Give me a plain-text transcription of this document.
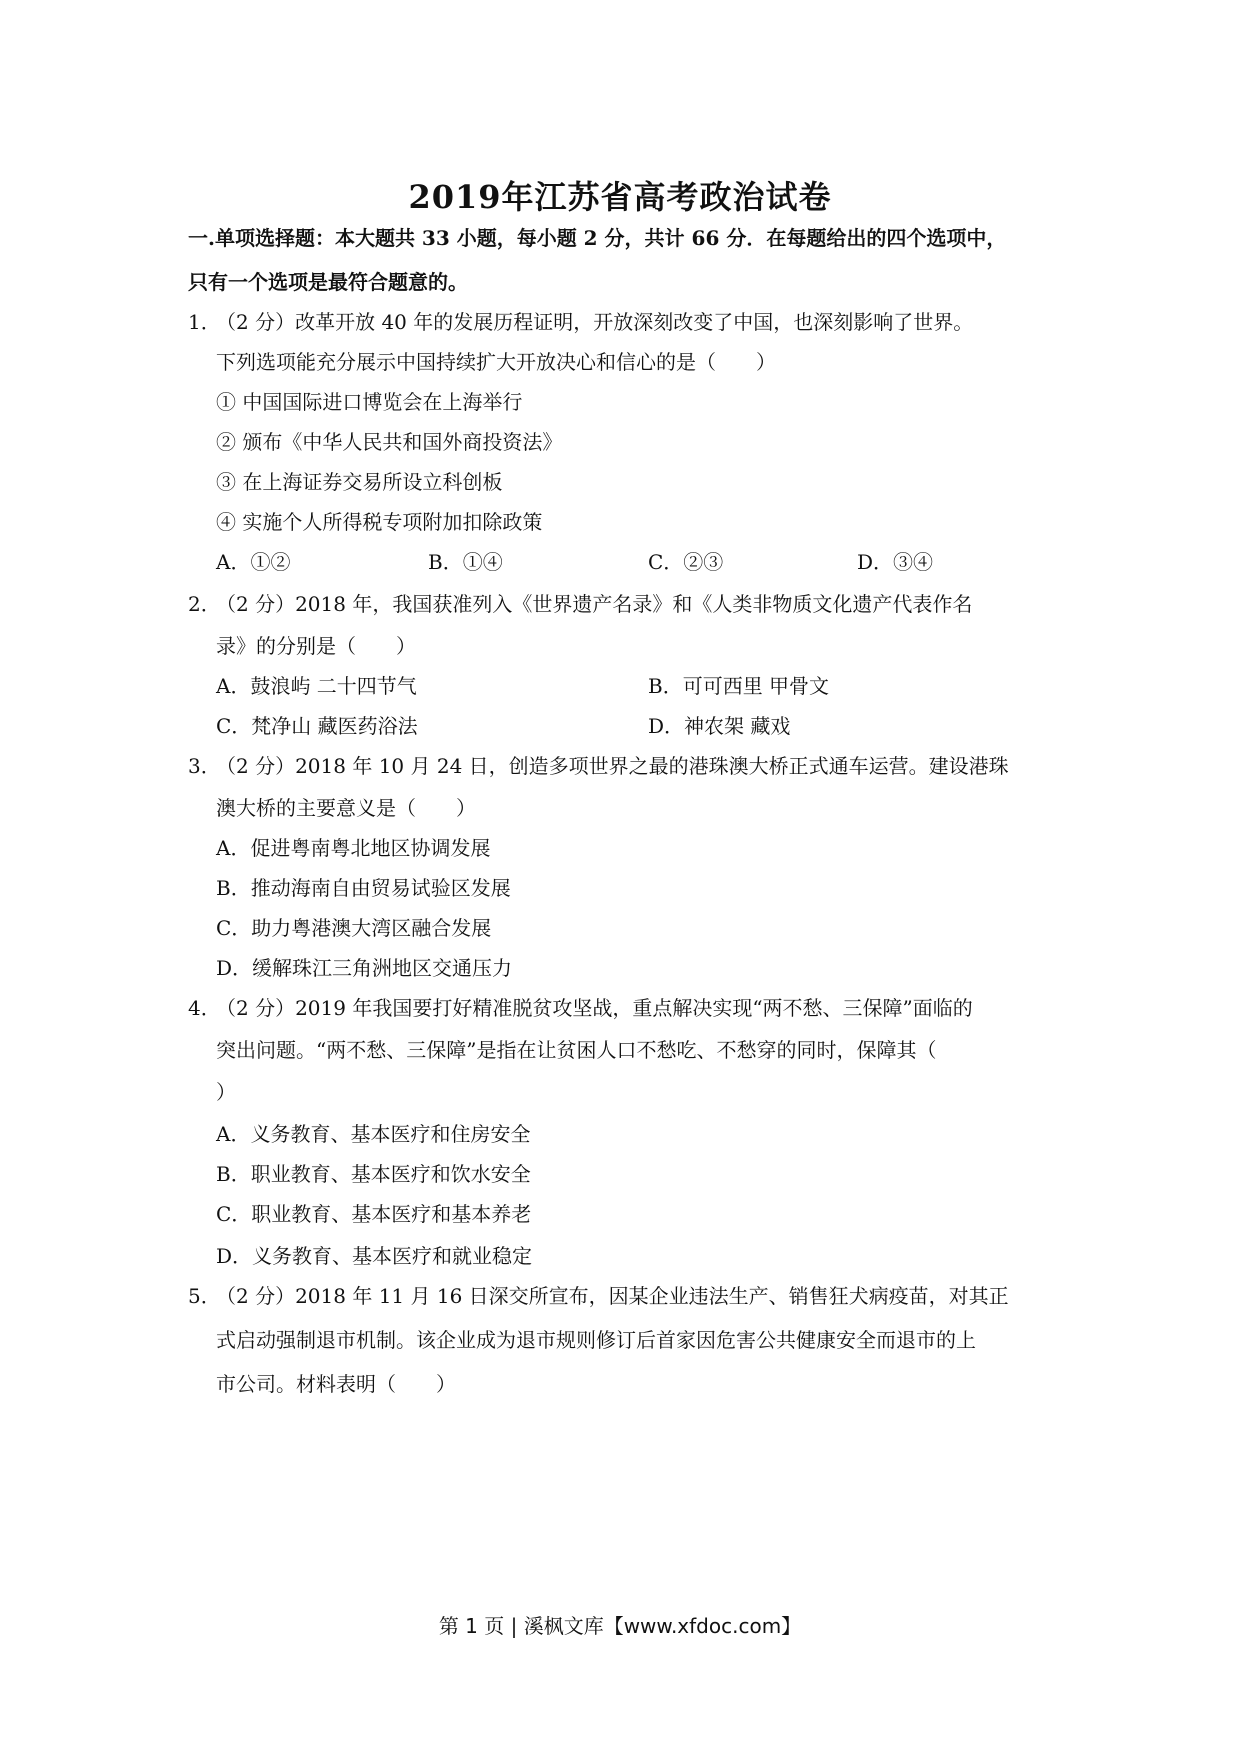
2019年江苏省高考政治试卷
一.单项选择题：本大题共 33 小题，每小题 2 分，共计 66 分．在每题给出的四个选项中，
只有一个选项是最符合题意的。
1．
（2 分）改革开放 40 年的发展历程证明，开放深刻改变了中国，也深刻影响了世界。
下列选项能充分展示中国持续扩大开放决心和信心的是（　　）
① 中国国际进口博览会在上海举行
② 颁布《中华人民共和国外商投资法》
③ 在上海证券交易所设立科创板
④ 实施个人所得税专项附加扣除政策
A．①②	B．①④	C．②③	D．③④
2．
（2 分）2018 年，我国获准列入《世界遗产名录》和《人类非物质文化遗产代表作名
录》的分别是（　　）
A．鼓浪屿 二十四节气	B．可可西里 甲骨文
C．梵净山 藏医药浴法	D．神农架 藏戏
3．
（2 分）2018 年 10 月 24 日，创造多项世界之最的港珠澳大桥正式通车运营。建设港珠
澳大桥的主要意义是（　　）
A．促进粤南粤北地区协调发展
B．推动海南自由贸易试验区发展
C．助力粤港澳大湾区融合发展
D．缓解珠江三角洲地区交通压力
4．
（2 分）2019 年我国要打好精准脱贫攻坚战，重点解决实现“两不愁、三保障”面临的
突出问题。“两不愁、三保障”是指在让贫困人口不愁吃、不愁穿的同时，保障其（
）
A．义务教育、基本医疗和住房安全
B．职业教育、基本医疗和饮水安全
C．职业教育、基本医疗和基本养老
D．义务教育、基本医疗和就业稳定
5．
（2 分）2018 年 11 月 16 日深交所宣布，因某企业违法生产、销售狂犬病疫苗，对其正
式启动强制退市机制。该企业成为退市规则修订后首家因危害公共健康安全而退市的上
市公司。材料表明（　　）
第 1 页 | 溪枫文库【www.xfdoc.com】
